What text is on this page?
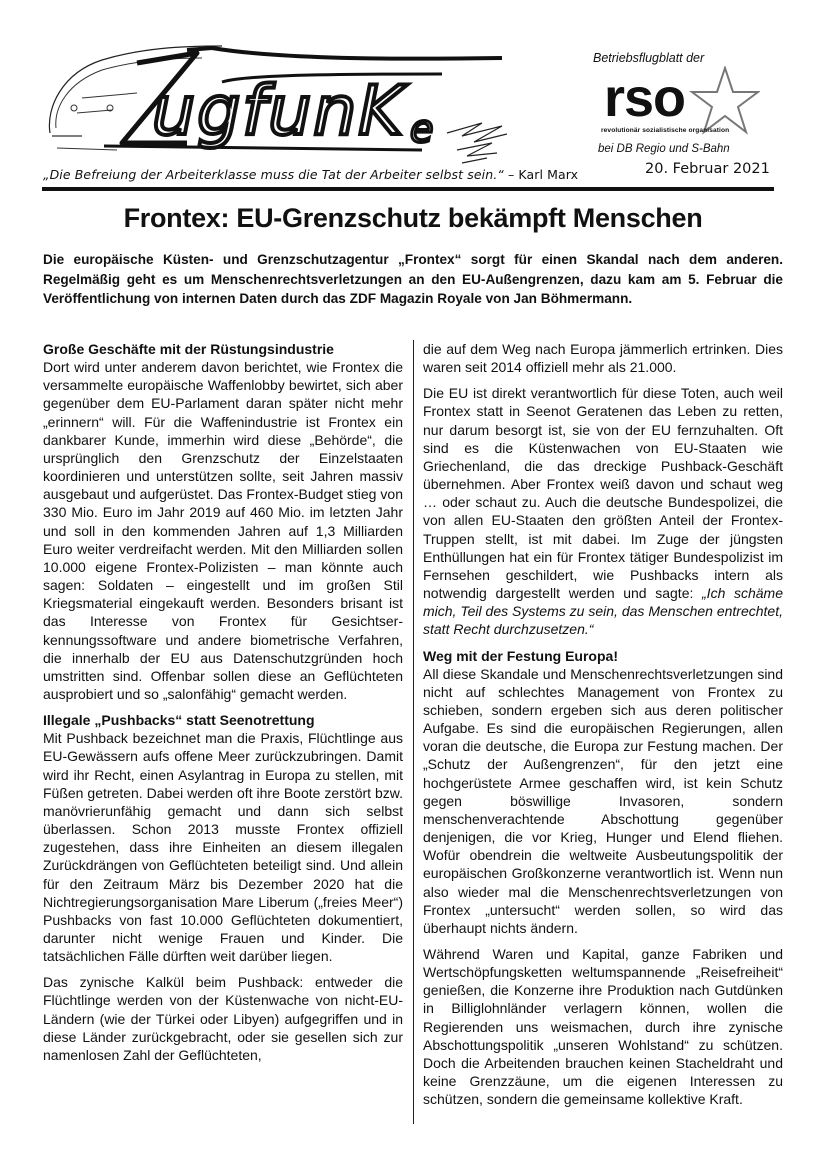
ugfunK e
„Die Befreiung der Arbeiterklasse muss die Tat der Arbeiter selbst sein.“ – Karl Marx
Betriebsflugblatt der
rso
revolutionär sozialistische organisation
bei DB Regio und S-Bahn
20. Februar 2021
Frontex: EU-Grenzschutz bekämpft Menschen
Die europäische Küsten- und Grenzschutzagentur „Frontex“ sorgt für einen Skandal nach dem anderen. Regelmäßig geht es um Menschenrechtsverletzungen an den EU-Außengrenzen, dazu kam am 5. Februar die Veröffentlichung von internen Daten durch das ZDF Magazin Royale von Jan Böhmermann.
Große Geschäfte mit der Rüstungsindustrie

Dort wird unter anderem davon berichtet, wie Frontex die versammelte europäische Waffenlobby bewirtet, sich aber gegenüber dem EU-Parlament daran später nicht mehr „erinnern“ will. Für die Waffenindustrie ist Frontex ein dankbarer Kunde, immerhin wird diese „Behörde“, die ursprünglich den Grenzschutz der Einzelstaaten koordinieren und unterstützen sollte, seit Jahren massiv ausgebaut und aufgerüstet. Das Frontex-Budget stieg von 330 Mio. Euro im Jahr 2019 auf 460 Mio. im letzten Jahr und soll in den kommenden Jahren auf 1,3 Milliarden Euro weiter verdreifacht werden. Mit den Milliarden sollen 10.000 eigene Frontex-Polizisten – man könnte auch sagen: Soldaten – eingestellt und im großen Stil Kriegsmaterial eingekauft werden. Besonders brisant ist das Interesse von Frontex für Gesichtserkennungssoftware und andere biometrische Verfahren, die innerhalb der EU aus Datenschutzgründen hoch umstritten sind. Offenbar sollen diese an Geflüchteten ausprobiert und so „salonfähig“ gemacht werden.

Illegale „Pushbacks“ statt Seenotrettung

Mit Pushback bezeichnet man die Praxis, Flüchtlinge aus EU-Gewässern aufs offene Meer zurückzubringen. Damit wird ihr Recht, einen Asylantrag in Europa zu stellen, mit Füßen getreten. Dabei werden oft ihre Boote zerstört bzw. manövrierunfähig gemacht und dann sich selbst überlassen. Schon 2013 musste Frontex offiziell zugestehen, dass ihre Einheiten an diesem illegalen Zurückdrängen von Geflüchteten beteiligt sind. Und allein für den Zeitraum März bis Dezember 2020 hat die Nichtregierungsorganisation Mare Liberum („freies Meer“) Pushbacks von fast 10.000 Geflüchteten dokumentiert, darunter nicht wenige Frauen und Kinder. Die tatsächlichen Fälle dürften weit darüber liegen.

Das zynische Kalkül beim Pushback: entweder die Flüchtlinge werden von der Küstenwache von nicht-EU-Ländern (wie der Türkei oder Libyen) aufgegriffen und in diese Länder zurückgebracht, oder sie gesellen sich zur namenlosen Zahl der Geflüchteten,

die auf dem Weg nach Europa jämmerlich ertrinken. Dies waren seit 2014 offiziell mehr als 21.000.

Die EU ist direkt verantwortlich für diese Toten, auch weil Frontex statt in Seenot Geratenen das Leben zu retten, nur darum besorgt ist, sie von der EU fernzuhalten. Oft sind es die Küstenwachen von EU-Staaten wie Griechenland, die das dreckige Pushback-Geschäft übernehmen. Aber Frontex weiß davon und schaut weg … oder schaut zu. Auch die deutsche Bundespolizei, die von allen EU-Staaten den größten Anteil der Frontex-Truppen stellt, ist mit dabei. Im Zuge der jüngsten Enthüllungen hat ein für Frontex tätiger Bundespolizist im Fernsehen geschildert, wie Pushbacks intern als notwendig dargestellt werden und sagte: „Ich schäme mich, Teil des Systems zu sein, das Menschen entrechtet, statt Recht durchzusetzen.“

Weg mit der Festung Europa!

All diese Skandale und Menschenrechtsverletzungen sind nicht auf schlechtes Management von Frontex zu schieben, sondern ergeben sich aus deren politischer Aufgabe. Es sind die europäischen Regierungen, allen voran die deutsche, die Europa zur Festung machen. Der „Schutz der Außengrenzen“, für den jetzt eine hochgerüstete Armee geschaffen wird, ist kein Schutz gegen böswillige Invasoren, sondern menschenverachtende Abschottung gegenüber denjenigen, die vor Krieg, Hunger und Elend fliehen. Wofür obendrein die weltweite Ausbeutungspolitik der europäischen Großkonzerne verantwortlich ist. Wenn nun also wieder mal die Menschenrechtsverletzungen von Frontex „untersucht“ werden sollen, so wird das überhaupt nichts ändern.

Während Waren und Kapital, ganze Fabriken und Wertschöpfungsketten weltumspannende „Reisefreiheit“ genießen, die Konzerne ihre Produktion nach Gutdünken in Billiglohnländer verlagern können, wollen die Regierenden uns weismachen, durch ihre zynische Abschottungspolitik „unseren Wohlstand“ zu schützen. Doch die Arbeitenden brauchen keinen Stacheldraht und keine Grenzzäune, um die eigenen Interessen zu schützen, sondern die gemeinsame kollektive Kraft.
